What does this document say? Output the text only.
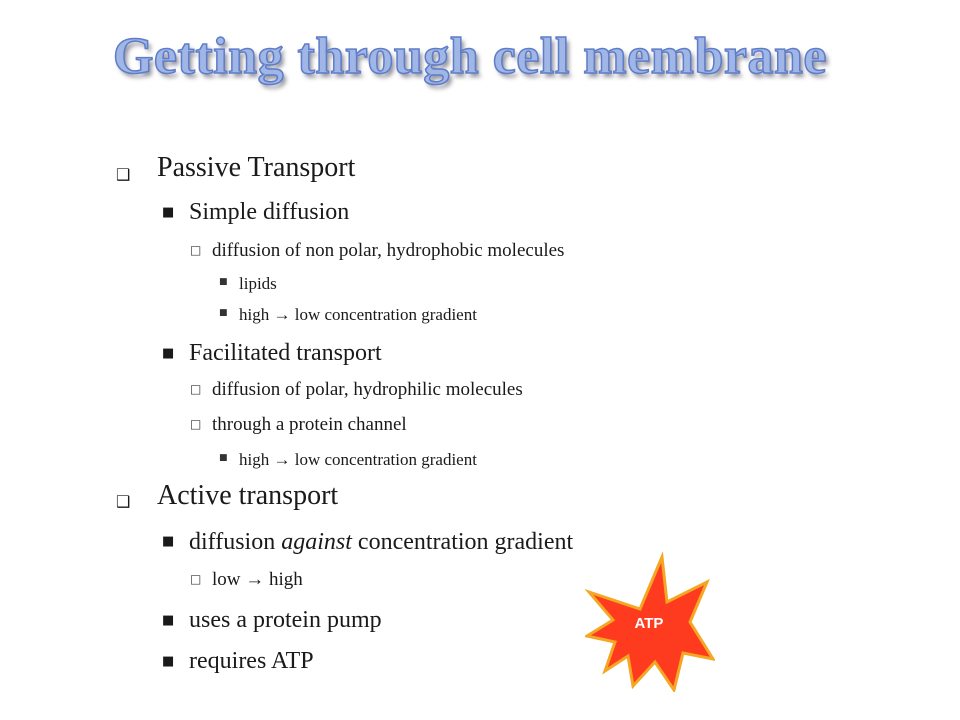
Getting through cell membrane
❑ Passive Transport
■ Simple diffusion
□ diffusion of non polar, hydrophobic molecules
■ lipids
■ high → low concentration gradient
■ Facilitated transport
□ diffusion of polar, hydrophilic molecules
□ through a protein channel
■ high → low concentration gradient
❑ Active transport
■ diffusion against concentration gradient
□ low → high
■ uses a protein pump
■ requires ATP
ATP
